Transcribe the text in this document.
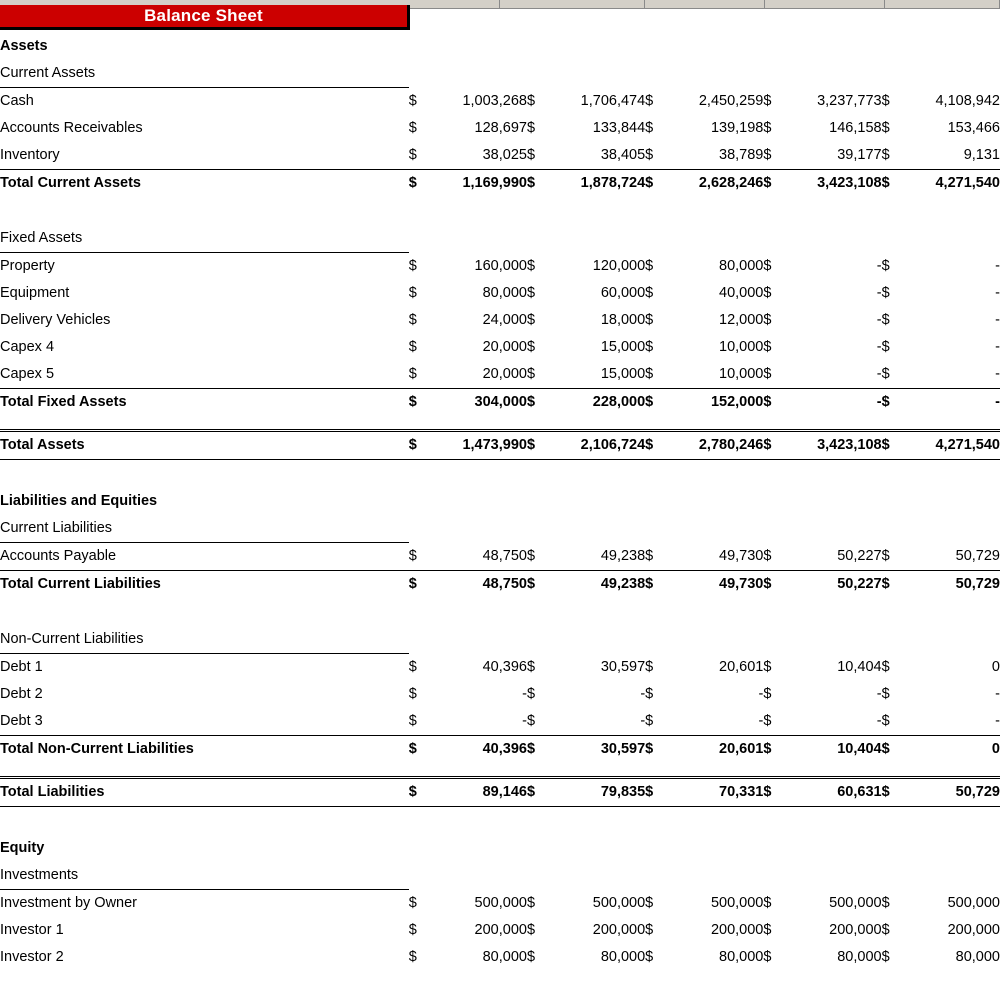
Balance Sheet
Assets										
Current Assets										
Cash	$	1,003,268	$	1,706,474	$	2,450,259	$	3,237,773	$	4,108,942
Accounts Receivables	$	128,697	$	133,844	$	139,198	$	146,158	$	153,466
Inventory	$	38,025	$	38,405	$	38,789	$	39,177	$	9,131
Total Current Assets	$	1,169,990	$	1,878,724	$	2,628,246	$	3,423,108	$	4,271,540

Fixed Assets										
Property	$	160,000	$	120,000	$	80,000	$	-	$	-
Equipment	$	80,000	$	60,000	$	40,000	$	-	$	-
Delivery Vehicles	$	24,000	$	18,000	$	12,000	$	-	$	-
Capex 4	$	20,000	$	15,000	$	10,000	$	-	$	-
Capex 5	$	20,000	$	15,000	$	10,000	$	-	$	-
Total Fixed Assets	$	304,000	$	228,000	$	152,000	$	-	$	-

Total Assets	$	1,473,990	$	2,106,724	$	2,780,246	$	3,423,108	$	4,271,540

Liabilities and Equities										
Current Liabilities										
Accounts Payable	$	48,750	$	49,238	$	49,730	$	50,227	$	50,729
Total Current Liabilities	$	48,750	$	49,238	$	49,730	$	50,227	$	50,729

Non-Current Liabilities										
Debt 1	$	40,396	$	30,597	$	20,601	$	10,404	$	0
Debt 2	$	-	$	-	$	-	$	-	$	-
Debt 3	$	-	$	-	$	-	$	-	$	-
Total Non-Current Liabilities	$	40,396	$	30,597	$	20,601	$	10,404	$	0

Total Liabilities	$	89,146	$	79,835	$	70,331	$	60,631	$	50,729

Equity										
Investments										
Investment by Owner	$	500,000	$	500,000	$	500,000	$	500,000	$	500,000
Investor 1	$	200,000	$	200,000	$	200,000	$	200,000	$	200,000
Investor 2	$	80,000	$	80,000	$	80,000	$	80,000	$	80,000
